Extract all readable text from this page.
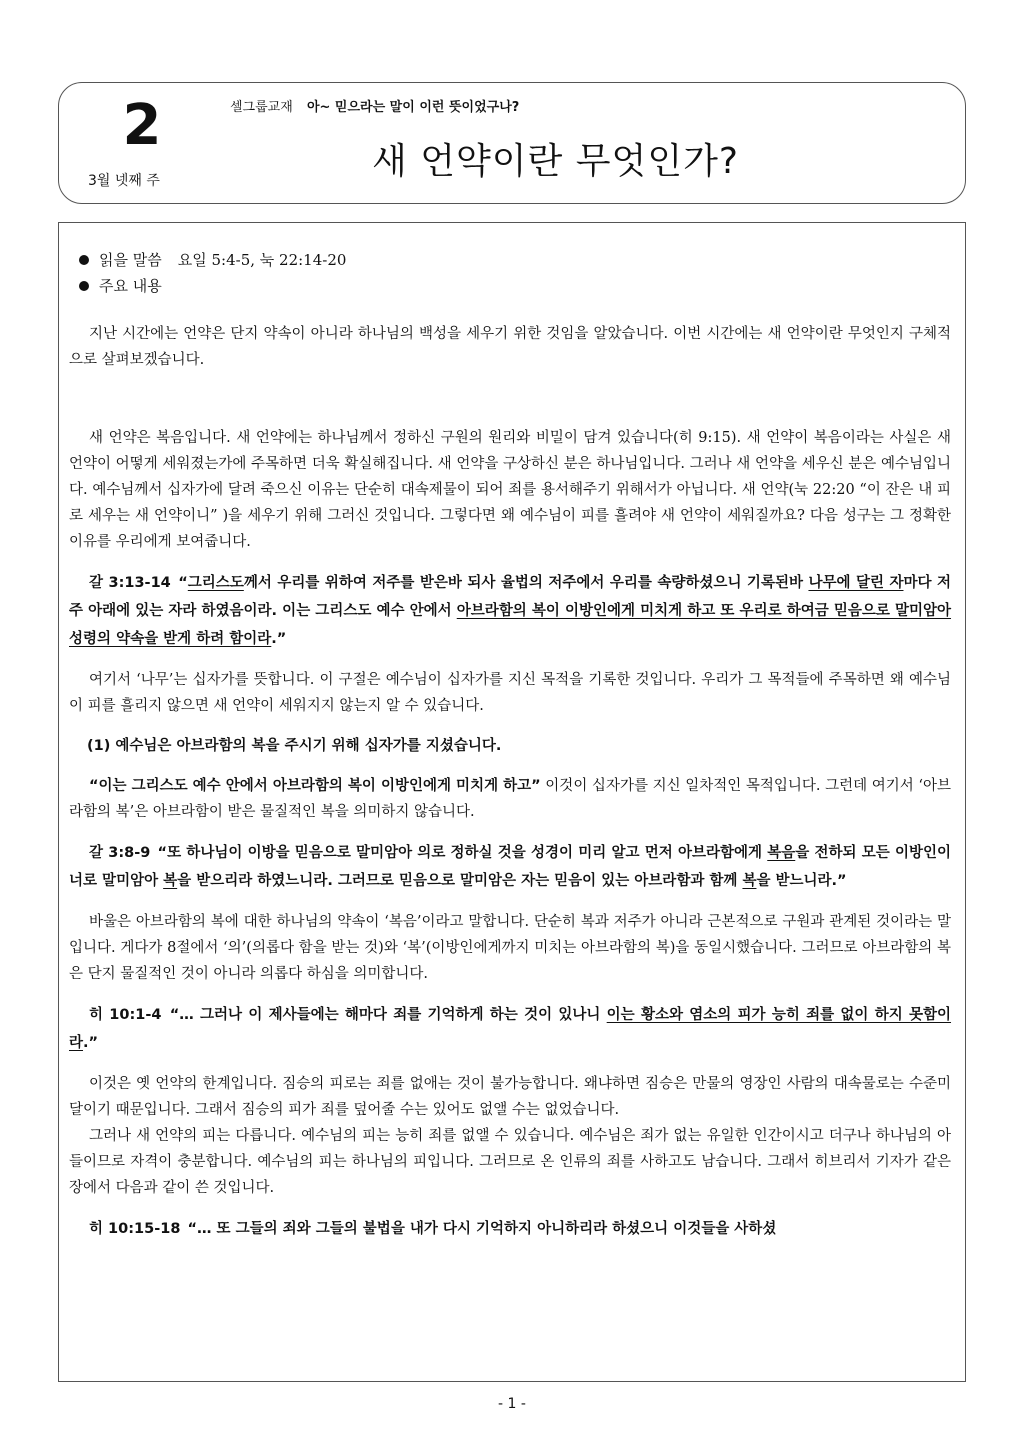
2
3월 넷째 주
셀그룹교재 아~ 믿으라는 말이 이런 뜻이었구나?
새 언약이란 무엇인가?
읽을 말씀 요일 5:4-5, 눅 22:14-20
주요 내용

지난 시간에는 언약은 단지 약속이 아니라 하나님의 백성을 세우기 위한 것임을 알았습니다. 이번 시간에는 새 언약이란 무엇인지 구체적으로 살펴보겠습니다.

새 언약은 복음입니다. 새 언약에는 하나님께서 정하신 구원의 원리와 비밀이 담겨 있습니다(히 9:15). 새 언약이 복음이라는 사실은 새 언약이 어떻게 세워졌는가에 주목하면 더욱 확실해집니다. 새 언약을 구상하신 분은 하나님입니다. 그러나 새 언약을 세우신 분은 예수님입니다. 예수님께서 십자가에 달려 죽으신 이유는 단순히 대속제물이 되어 죄를 용서해주기 위해서가 아닙니다. 새 언약(눅 22:20 “이 잔은 내 피로 세우는 새 언약이니” )을 세우기 위해 그러신 것입니다. 그렇다면 왜 예수님이 피를 흘려야 새 언약이 세워질까요? 다음 성구는 그 정확한 이유를 우리에게 보여줍니다.

갈 3:13-14 “그리스도께서 우리를 위하여 저주를 받은바 되사 율법의 저주에서 우리를 속량하셨으니 기록된바 나무에 달린 자마다 저주 아래에 있는 자라 하였음이라. 이는 그리스도 예수 안에서 아브라함의 복이 이방인에게 미치게 하고 또 우리로 하여금 믿음으로 말미암아 성령의 약속을 받게 하려 함이라.”

여기서 ‘나무’는 십자가를 뜻합니다. 이 구절은 예수님이 십자가를 지신 목적을 기록한 것입니다. 우리가 그 목적들에 주목하면 왜 예수님이 피를 흘리지 않으면 새 언약이 세워지지 않는지 알 수 있습니다.

(1) 예수님은 아브라함의 복을 주시기 위해 십자가를 지셨습니다.

“이는 그리스도 예수 안에서 아브라함의 복이 이방인에게 미치게 하고” 이것이 십자가를 지신 일차적인 목적입니다. 그런데 여기서 ‘아브라함의 복’은 아브라함이 받은 물질적인 복을 의미하지 않습니다.

갈 3:8-9 “또 하나님이 이방을 믿음으로 말미암아 의로 정하실 것을 성경이 미리 알고 먼저 아브라함에게 복음을 전하되 모든 이방인이 너로 말미암아 복을 받으리라 하였느니라. 그러므로 믿음으로 말미암은 자는 믿음이 있는 아브라함과 함께 복을 받느니라.”

바울은 아브라함의 복에 대한 하나님의 약속이 ‘복음’이라고 말합니다. 단순히 복과 저주가 아니라 근본적으로 구원과 관계된 것이라는 말입니다. 게다가 8절에서 ‘의’(의롭다 함을 받는 것)와 ‘복’(이방인에게까지 미치는 아브라함의 복)을 동일시했습니다. 그러므로 아브라함의 복은 단지 물질적인 것이 아니라 의롭다 하심을 의미합니다.

히 10:1-4 “… 그러나 이 제사들에는 해마다 죄를 기억하게 하는 것이 있나니 이는 황소와 염소의 피가 능히 죄를 없이 하지 못함이라.”

이것은 옛 언약의 한계입니다. 짐승의 피로는 죄를 없애는 것이 불가능합니다. 왜냐하면 짐승은 만물의 영장인 사람의 대속물로는 수준미달이기 때문입니다. 그래서 짐승의 피가 죄를 덮어줄 수는 있어도 없앨 수는 없었습니다.

그러나 새 언약의 피는 다릅니다. 예수님의 피는 능히 죄를 없앨 수 있습니다. 예수님은 죄가 없는 유일한 인간이시고 더구나 하나님의 아들이므로 자격이 충분합니다. 예수님의 피는 하나님의 피입니다. 그러므로 온 인류의 죄를 사하고도 남습니다. 그래서 히브리서 기자가 같은 장에서 다음과 같이 쓴 것입니다.

히 10:15-18 “… 또 그들의 죄와 그들의 불법을 내가 다시 기억하지 아니하리라 하셨으니 이것들을 사하셨

- 1 -
